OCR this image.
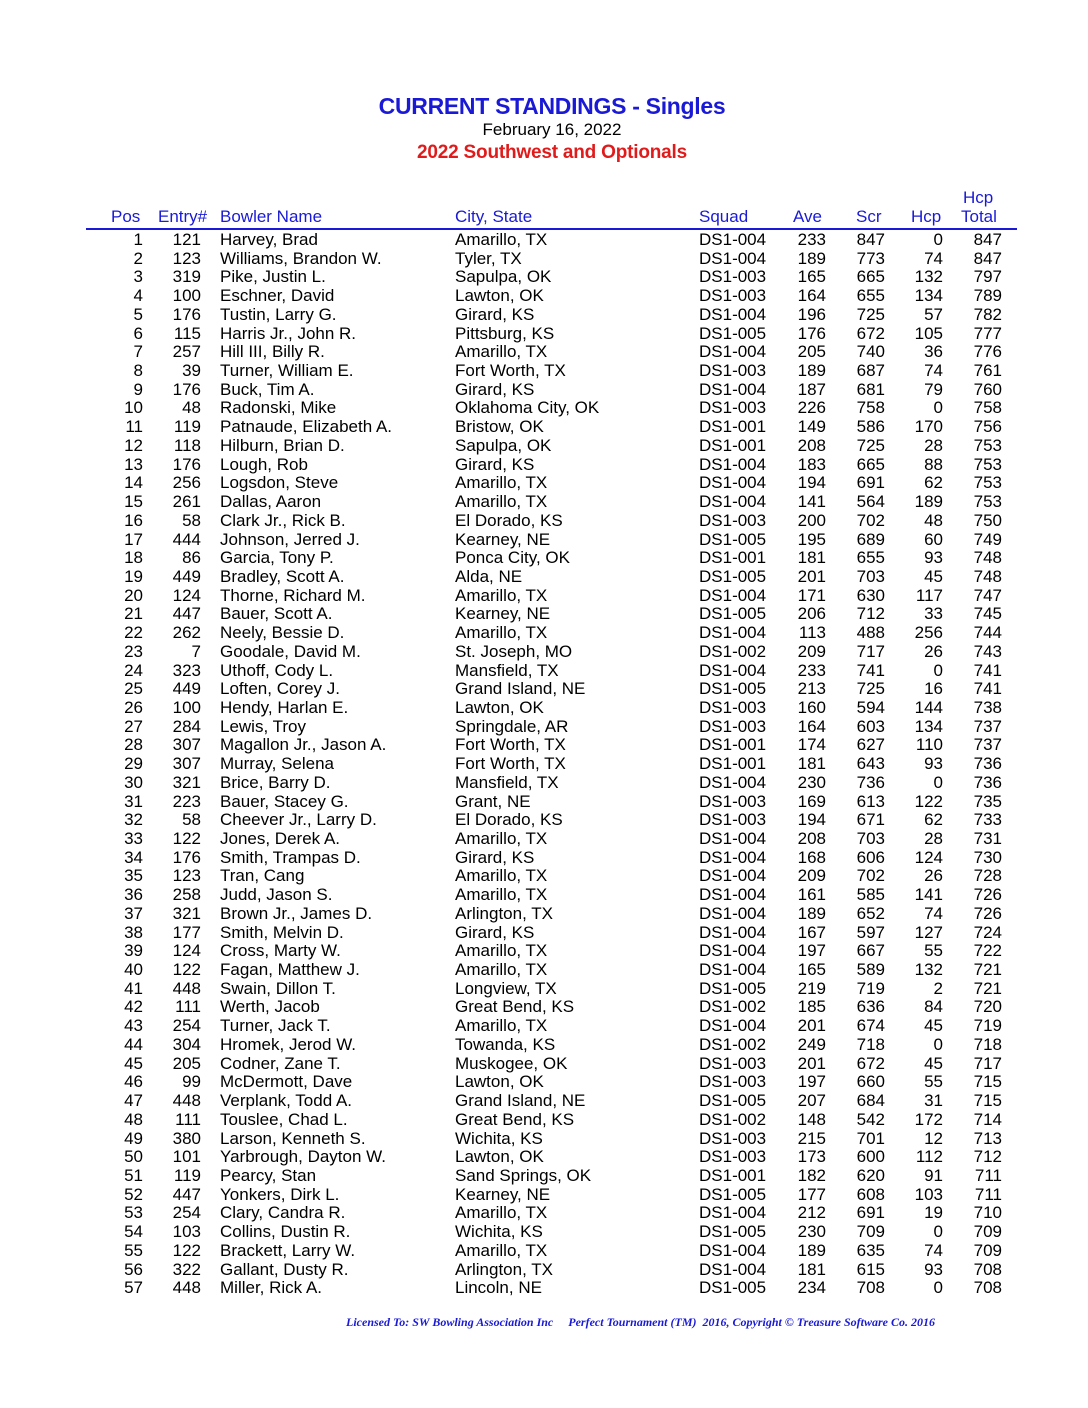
CURRENT STANDINGS - Singles
February 16, 2022
2022 Southwest and Optionals
Pos Entry# Bowler Name	City, State	Squad	Ave Scr Hcp
Hcp
Total
1 121 Harvey, Brad	Amarillo, TX	DS1-004 233 847	0 847
2 123 Williams, Brandon W.	Tyler, TX	DS1-004 189 773 74 847
3 319 Pike, Justin L.	Sapulpa, OK	DS1-003 165 665 132 797
4 100 Eschner, David	Lawton, OK	DS1-003 164 655 134 789
5 176 Tustin, Larry G.	Girard, KS	DS1-004 196 725 57 782
6 115 Harris Jr., John R.	Pittsburg, KS	DS1-005 176 672 105 777
7 257 Hill III, Billy R.	Amarillo, TX	DS1-004 205 740 36 776
8 39 Turner, William E.	Fort Worth, TX	DS1-003 189 687 74 761
9 176 Buck, Tim A.	Girard, KS	DS1-004 187 681 79 760
10 48 Radonski, Mike	Oklahoma City, OK	DS1-003 226 758	0 758
11 119 Patnaude, Elizabeth A.	Bristow, OK	DS1-001 149 586 170 756
12 118 Hilburn, Brian D.	Sapulpa, OK	DS1-001 208 725 28 753
13 176 Lough, Rob	Girard, KS	DS1-004 183 665 88 753
14 256 Logsdon, Steve	Amarillo, TX	DS1-004 194 691 62 753
15 261 Dallas, Aaron	Amarillo, TX	DS1-004 141 564 189 753
16 58 Clark Jr., Rick B.	El Dorado, KS	DS1-003 200 702 48 750
17 444 Johnson, Jerred J.	Kearney, NE	DS1-005 195 689 60 749
18 86 Garcia, Tony P.	Ponca City, OK	DS1-001 181 655 93 748
19 449 Bradley, Scott A.	Alda, NE	DS1-005 201 703 45 748
20 124 Thorne, Richard M.	Amarillo, TX	DS1-004 171 630 117 747
21 447 Bauer, Scott A.	Kearney, NE	DS1-005 206 712 33 745
22 262 Neely, Bessie D.	Amarillo, TX	DS1-004 113 488 256 744
23	7 Goodale, David M.	St. Joseph, MO	DS1-002 209 717 26 743
24 323 Uthoff, Cody L.	Mansfield, TX	DS1-004 233 741	0 741
25 449 Loften, Corey J.	Grand Island, NE	DS1-005 213 725 16 741
26 100 Hendy, Harlan E.	Lawton, OK	DS1-003 160 594 144 738
27 284 Lewis, Troy	Springdale, AR	DS1-003 164 603 134 737
28 307 Magallon Jr., Jason A.	Fort Worth, TX	DS1-001 174 627 110 737
29 307 Murray, Selena	Fort Worth, TX	DS1-001 181 643 93 736
30 321 Brice, Barry D.	Mansfield, TX	DS1-004 230 736	0 736
31 223 Bauer, Stacey G.	Grant, NE	DS1-003 169 613 122 735
32 58 Cheever Jr., Larry D.	El Dorado, KS	DS1-003 194 671 62 733
33 122 Jones, Derek A.	Amarillo, TX	DS1-004 208 703 28 731
34 176 Smith, Trampas D.	Girard, KS	DS1-004 168 606 124 730
35 123 Tran, Cang	Amarillo, TX	DS1-004 209 702 26 728
36 258 Judd, Jason S.	Amarillo, TX	DS1-004 161 585 141 726
37 321 Brown Jr., James D.	Arlington, TX	DS1-004 189 652 74 726
38 177 Smith, Melvin D.	Girard, KS	DS1-004 167 597 127 724
39 124 Cross, Marty W.	Amarillo, TX	DS1-004 197 667 55 722
40 122 Fagan, Matthew J.	Amarillo, TX	DS1-004 165 589 132 721
41 448 Swain, Dillon T.	Longview, TX	DS1-005 219 719	2 721
42 111 Werth, Jacob	Great Bend, KS	DS1-002 185 636 84 720
43 254 Turner, Jack T.	Amarillo, TX	DS1-004 201 674 45 719
44 304 Hromek, Jerod W.	Towanda, KS	DS1-002 249 718	0 718
45 205 Codner, Zane T.	Muskogee, OK	DS1-003 201 672 45 717
46 99 McDermott, Dave	Lawton, OK	DS1-003 197 660 55 715
47 448 Verplank, Todd A.	Grand Island, NE	DS1-005 207 684 31 715
48 111 Touslee, Chad L.	Great Bend, KS	DS1-002 148 542 172 714
49 380 Larson, Kenneth S.	Wichita, KS	DS1-003 215 701 12 713
50 101 Yarbrough, Dayton W.	Lawton, OK	DS1-003 173 600 112 712
51 119 Pearcy, Stan	Sand Springs, OK	DS1-001 182 620 91 711
52 447 Yonkers, Dirk L.	Kearney, NE	DS1-005 177 608 103 711
53 254 Clary, Candra R.	Amarillo, TX	DS1-004 212 691 19 710
54 103 Collins, Dustin R.	Wichita, KS	DS1-005 230 709	0 709
55 122 Brackett, Larry W.	Amarillo, TX	DS1-004 189 635 74 709
56 322 Gallant, Dusty R.	Arlington, TX	DS1-004 181 615 93 708
57 448 Miller, Rick A.	Lincoln, NE	DS1-005 234 708	0 708
Licensed To: SW Bowling Association Inc Perfect Tournament (TM)  2016, Copyright © Treasure Software Co. 2016
